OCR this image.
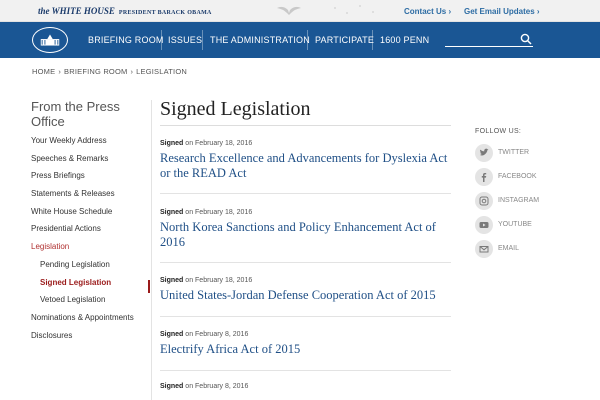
the WHITE HOUSE PRESIDENT BARACK OBAMA	Contact Us › Get Email Updates ›
BRIEFING ROOM ISSUES THE ADMINISTRATION PARTICIPATE 1600 PENN
HOME › BRIEFING ROOM › LEGISLATION
From the Press Office
Your Weekly Address
Speeches & Remarks
Press Briefings
Statements & Releases
White House Schedule
Presidential Actions
Legislation
Pending Legislation
Signed Legislation
Vetoed Legislation
Nominations & Appointments
Disclosures
Signed Legislation
Signed on February 18, 2016
Research Excellence and Advancements for Dyslexia Act or the READ Act
Signed on February 18, 2016
North Korea Sanctions and Policy Enhancement Act of 2016
Signed on February 18, 2016
United States-Jordan Defense Cooperation Act of 2015
Signed on February 8, 2016
Electrify Africa Act of 2015
Signed on February 8, 2016
FOLLOW US:
TWITTER
FACEBOOK
INSTAGRAM
YOUTUBE
EMAIL
